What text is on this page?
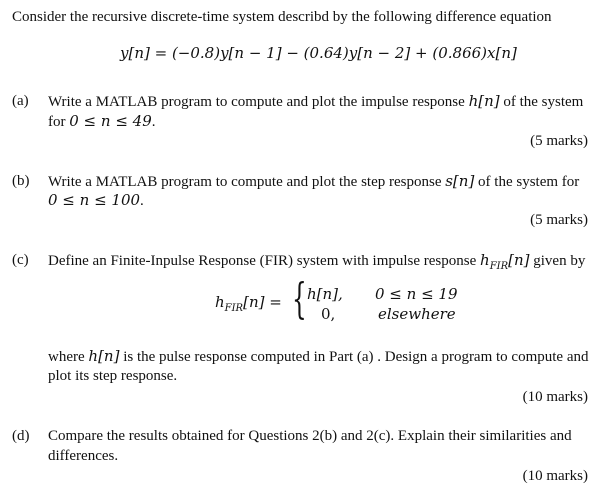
Consider the recursive discrete-time system describd by the following difference equation
y[n] = (−0.8)y[n − 1] − (0.64)y[n − 2] + (0.866)x[n]
(a) Write a MATLAB program to compute and plot the impulse response h[n] of the system
for 0 ≤ n ≤ 49.
(5 marks)
(b) Write a MATLAB program to compute and plot the step response s[n] of the system for
0 ≤ n ≤ 100.
(5 marks)
(c) Define an Finite-Inpulse Response (FIR) system with impulse response $h_{FIR}[n]$ given by
$h_{FIR}[n]$ = { h[n],
0,
0 ≤ n ≤ 19
elsewhere
where h[n] is the pulse response computed in Part (a) . Design a program to compute and
plot its step response.
(10 marks)
(d) Compare the results obtained for Questions 2(b) and 2(c). Explain their similarities and
differences.
(10 marks)
